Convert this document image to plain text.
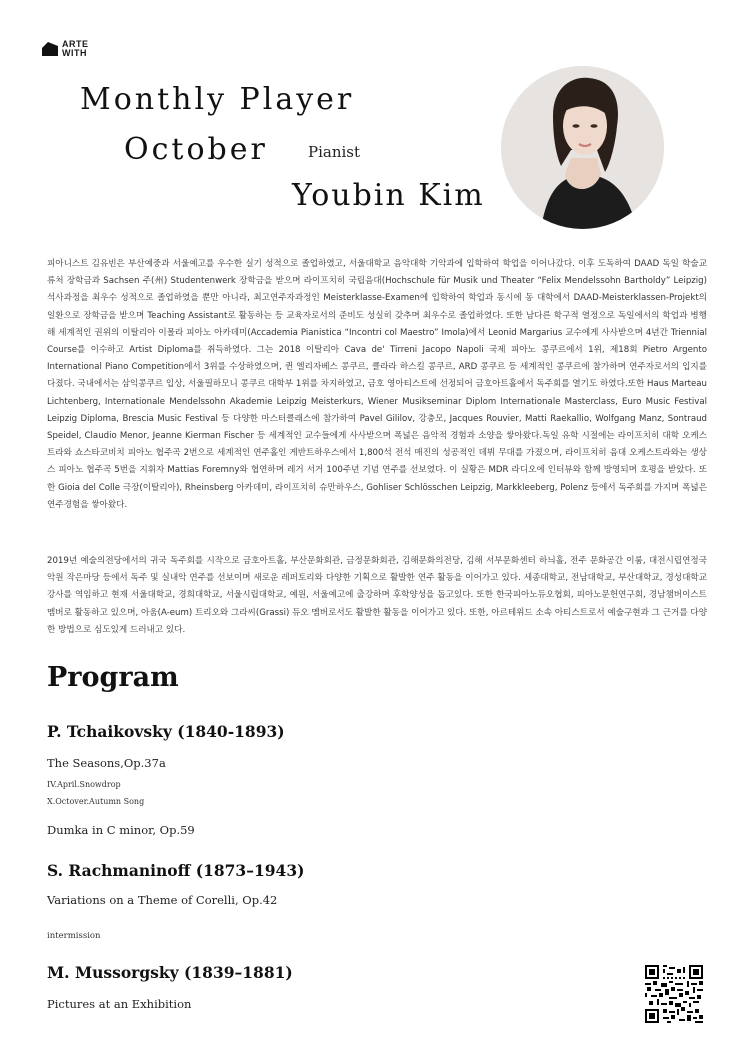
ARTE
WITH
Monthly Player
October	Pianist
Youbin Kim

피아니스트 김유빈은 부산예중과 서울예고를 우수한 실기 성적으로 졸업하였고, 서울대학교 음악대학 기악과에 입학하여 학업을 이어나갔다. 이후 도독하여 DAAD 독일 학술교류처 장학금과 Sachsen 주(州) Studentenwerk 장학금을 받으며 라이프치히 국립음대(Hochschule für Musik und Theater “Felix Mendelssohn Bartholdy” Leipzig) 석사과정을 최우수 성적으로 졸업하였을 뿐만 아니라, 최고연주자과정인 Meisterklasse-Examen에 입학하여 학업과 동시에 동 대학에서 DAAD-Meisterklassen-Projekt의 일환으로 장학금을 받으며 Teaching Assistant로 활동하는 등 교육자로서의 준비도 성실히 갖추며 최우수로 졸업하였다. 또한 남다른 학구적 열정으로 독일에서의 학업과 병행해 세계적인 권위의 이탈리아 이몰라 피아노 아카데미(Accademia Pianistica “Incontri col Maestro” Imola)에서 Leonid Margarius 교수에게 사사받으며 4년간 Triennial Course를 이수하고 Artist Diploma를 취득하였다. 그는 2018 이탈리아 Cava de' Tirreni Jacopo Napoli 국제 피아노 콩쿠르에서 1위, 제18회 Pietro Argento International Piano Competition에서 3위를 수상하였으며, 퀸 엘리자베스 콩쿠르, 클라라 하스킬 콩쿠르, ARD 콩쿠르 등 세계적인 콩쿠르에 참가하며 연주자로서의 입지를 다졌다. 국내에서는 삼익콩쿠르 입상, 서울필하모니 콩쿠르 대학부 1위를 차지하였고, 금호 영아티스트에 선정되어 금호아트홀에서 독주회를 열기도 하였다.또한 Haus Marteau Lichtenberg, Internationale Mendelssohn Akademie Leipzig Meisterkurs, Wiener Musikseminar Diplom Internationale Masterclass, Euro Music Festival Leipzig Diploma, Brescia Music Festival 등 다양한 마스터클래스에 참가하여 Pavel Gililov, 강충모, Jacques Rouvier, Matti Raekallio, Wolfgang Manz, Sontraud Speidel, Claudio Menor, Jeanne Kierman Fischer 등 세계적인 교수들에게 사사받으며 폭넓은 음악적 경험과 소양을 쌓아왔다.독일 유학 시절에는 라이프치히 대학 오케스트라와 쇼스타코비치 피아노 협주곡 2번으로 세계적인 연주홀인 게반트하우스에서 1,800석 전석 매진의 성공적인 데뷔 무대를 가졌으며, 라이프치히 음대 오케스트라와는 생상스 피아노 협주곡 5번을 지휘자 Mattias Foremny와 협연하며 레거 서거 100주년 기념 연주를 선보였다. 이 실황은 MDR 라디오에 인터뷰와 함께 방영되며 호평을 받았다. 또한 Gioia del Colle 극장(이탈리아), Rheinsberg 아카데미, 라이프치히 슈만하우스, Gohliser Schlösschen Leipzig, Markkleeberg, Polenz 등에서 독주회를 가지며 폭넓은 연주경험을 쌓아왔다.

2019년 예술의전당에서의 귀국 독주회를 시작으로 금호아트홀, 부산문화회관, 금정문화회관, 김해문화의전당, 김해 서부문화센터 하늬홀, 전주 문화공간 이룸, 대전시립연정국악원 작은마당 등에서 독주 및 실내악 연주를 선보이며 새로운 레퍼토리와 다양한 기획으로 활발한 연주 활동을 이어가고 있다. 세종대학교, 전남대학교, 부산대학교, 경성대학교 강사를 역임하고 현재 서울대학교, 경희대학교, 서울시립대학교, 예원, 서울예고에 출강하며 후학양성을 돕고있다. 또한 한국피아노듀오협회, 피아노문헌연구회, 경남챔버이스트 멤버로 활동하고 있으며, 아움(A-eum) 트리오와 그라씨(Grassi) 듀오 멤버로서도 활발한 활동을 이어가고 있다. 또한, 아르테위드 소속 아티스트로서 예술구현과 그 근거를 다양한 방법으로 심도있게 드러내고 있다.

Program
P. Tchaikovsky (1840-1893)
The Seasons,Op.37a
IV.April.Snowdrop
X.Octover.Autumn Song
Dumka in C minor, Op.59
S. Rachmaninoff (1873–1943)
Variations on a Theme of Corelli, Op.42
intermission
M. Mussorgsky (1839–1881)
Pictures at an Exhibition
